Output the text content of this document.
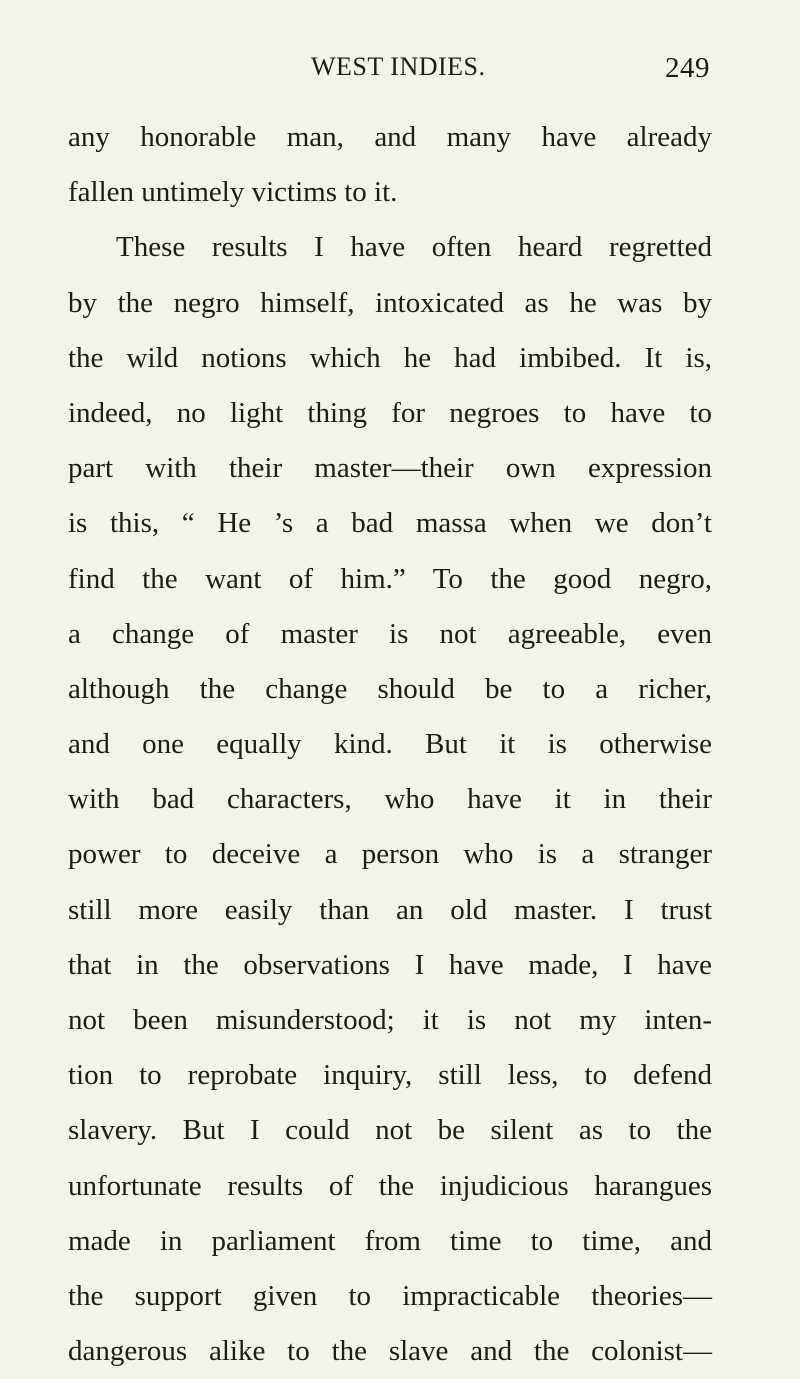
WEST INDIES.	249
any honorable man, and many have already
fallen untimely victims to it.
These results I have often heard regretted
by the negro himself, intoxicated as he was by
the wild notions which he had imbibed. It is,
indeed, no light thing for negroes to have to
part with their master—their own expression
is this, “ He ’s a bad massa when we don’t
find the want of him.” To the good negro,
a change of master is not agreeable, even
although the change should be to a richer,
and one equally kind. But it is otherwise
with bad characters, who have it in their
power to deceive a person who is a stranger
still more easily than an old master. I trust
that in the observations I have made, I have
not been misunderstood; it is not my inten-
tion to reprobate inquiry, still less, to defend
slavery. But I could not be silent as to the
unfortunate results of the injudicious harangues
made in parliament from time to time, and
the support given to impracticable theories—
dangerous alike to the slave and the colonist—
